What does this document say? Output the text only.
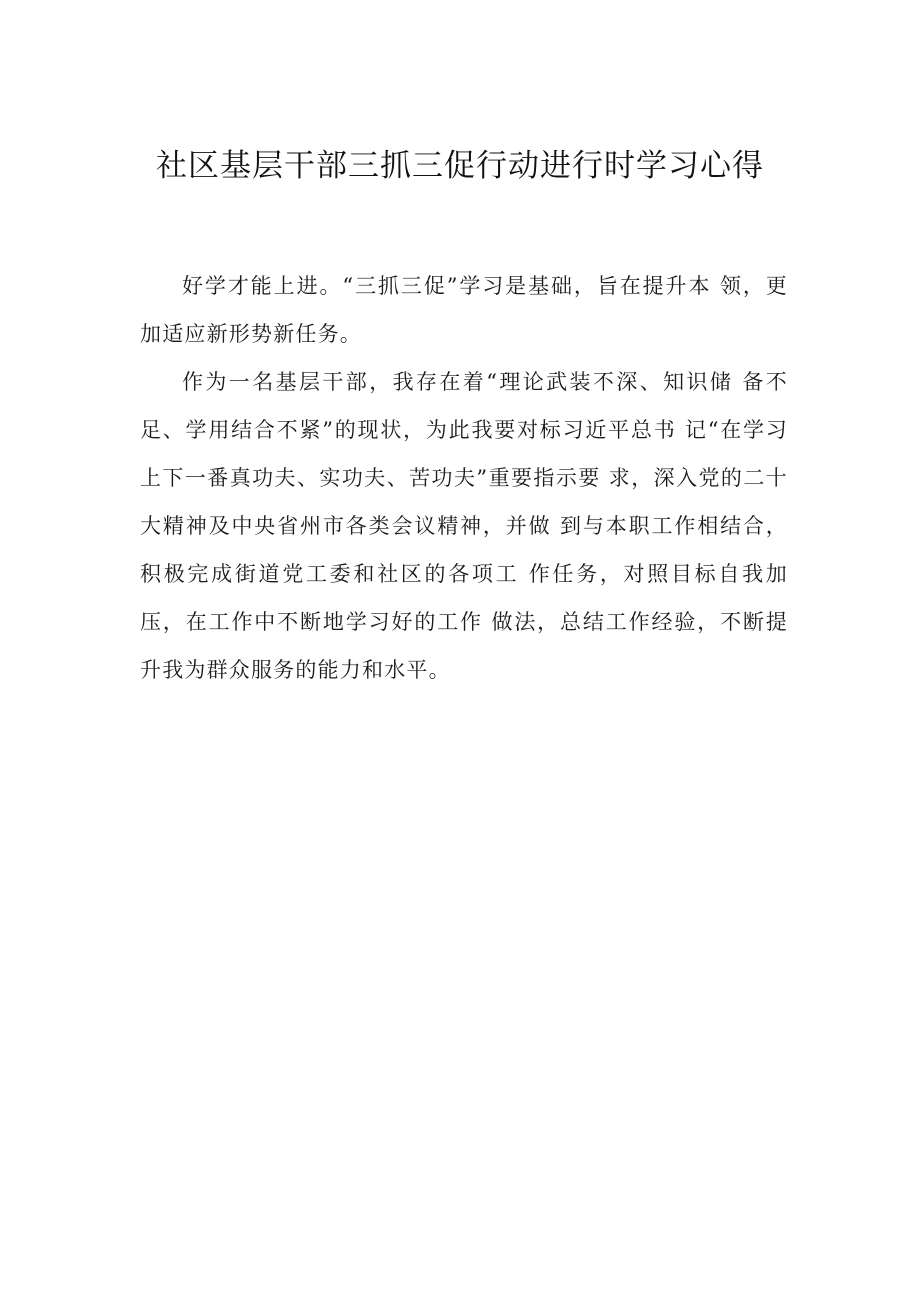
社区基层干部三抓三促行动进行时学习心得

好学才能上进。“三抓三促”学习是基础，旨在提升本 领，更加适应新形势新任务。

作为一名基层干部，我存在着“理论武装不深、知识储 备不足、学用结合不紧”的现状，为此我要对标习近平总书 记“在学习上下一番真功夫、实功夫、苦功夫”重要指示要 求，深入党的二十大精神及中央省州市各类会议精神，并做 到与本职工作相结合，积极完成街道党工委和社区的各项工 作任务，对照目标自我加压，在工作中不断地学习好的工作 做法，总结工作经验，不断提升我为群众服务的能力和水平。
